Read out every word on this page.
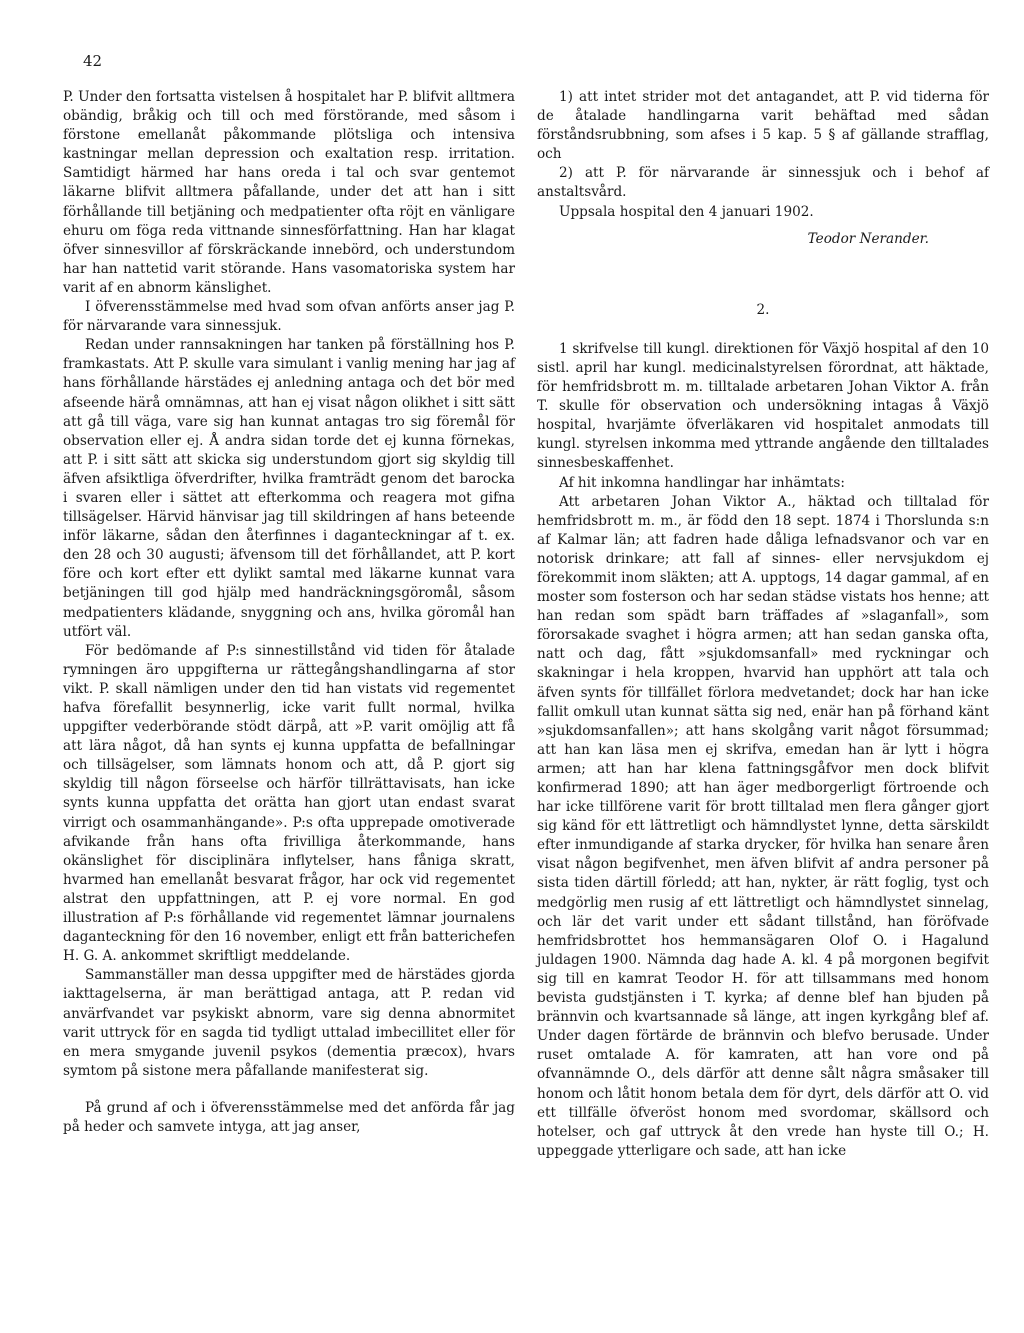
42

P. Under den fortsatta vistelsen å hospitalet har P. blifvit alltmera obändig, bråkig och till och med förstörande, med såsom i förstone emellanåt påkommande plötsliga och intensiva kastningar mellan depression och exaltation resp. irritation. Samtidigt härmed har hans oreda i tal och svar gentemot läkarne blifvit alltmera påfallande, under det att han i sitt förhållande till betjäning och medpatienter ofta röjt en vänligare ehuru om föga reda vittnande sinnesförfattning. Han har klagat öfver sinnesvillor af förskräckande innebörd, och understundom har han nattetid varit störande. Hans vasomatoriska system har varit af en abnorm känslighet.

I öfverensstämmelse med hvad som ofvan anförts anser jag P. för närvarande vara sinnessjuk.

Redan under rannsakningen har tanken på förställning hos P. framkastats. Att P. skulle vara simulant i vanlig mening har jag af hans förhållande härstädes ej anledning antaga och det bör med afseende härå omnämnas, att han ej visat någon olikhet i sitt sätt att gå till väga, vare sig han kunnat antagas tro sig föremål för observation eller ej. Å andra sidan torde det ej kunna förnekas, att P. i sitt sätt att skicka sig understundom gjort sig skyldig till äfven afsiktliga öfverdrifter, hvilka framträdt genom det barocka i svaren eller i sättet att efterkomma och reagera mot gifna tillsägelser. Härvid hänvisar jag till skildringen af hans beteende inför läkarne, sådan den återfinnes i daganteckningar af t. ex. den 28 och 30 augusti; äfvensom till det förhållandet, att P. kort före och kort efter ett dylikt samtal med läkarne kunnat vara betjäningen till god hjälp med handräckningsgöromål, såsom medpatienters klädande, snyggning och ans, hvilka göromål han utfört väl.

För bedömande af P:s sinnestillstånd vid tiden för åtalade rymningen äro uppgifterna ur rättegångshandlingarna af stor vikt. P. skall nämligen under den tid han vistats vid regementet hafva förefallit besynnerlig, icke varit fullt normal, hvilka uppgifter vederbörande stödt därpå, att »P. varit omöjlig att få att lära något, då han synts ej kunna uppfatta de befallningar och tillsägelser, som lämnats honom och att, då P. gjort sig skyldig till någon förseelse och härför tillrättavisats, han icke synts kunna uppfatta det orätta han gjort utan endast svarat virrigt och osammanhängande». P:s ofta upprepade omotiverade afvikande från hans ofta frivilliga återkommande, hans okänslighet för disciplinära inflytelser, hans fåniga skratt, hvarmed han emellanåt besvarat frågor, har ock vid regementet alstrat den uppfattningen, att P. ej vore normal. En god illustration af P:s förhållande vid regementet lämnar journalens daganteckning för den 16 november, enligt ett från batterichefen H. G. A. ankommet skriftligt meddelande.

Sammanställer man dessa uppgifter med de härstädes gjorda iakttagelserna, är man berättigad antaga, att P. redan vid anvärfvandet var psykiskt abnorm, vare sig denna abnormitet varit uttryck för en sagda tid tydligt uttalad imbecillitet eller för en mera smygande juvenil psykos (dementia præcox), hvars symtom på sistone mera påfallande manifesterat sig.

På grund af och i öfverensstämmelse med det anförda får jag på heder och samvete intyga, att jag anser,

1) att intet strider mot det antagandet, att P. vid tiderna för de åtalade handlingarna varit behäftad med sådan förståndsrubbning, som afses i 5 kap. 5 § af gällande strafflag, och

2) att P. för närvarande är sinnessjuk och i behof af anstaltsvård.

Uppsala hospital den 4 januari 1902.

Teodor Nerander.

2.

1 skrifvelse till kungl. direktionen för Växjö hospital af den 10 sistl. april har kungl. medicinalstyrelsen förordnat, att häktade, för hemfridsbrott m. m. tilltalade arbetaren Johan Viktor A. från T. skulle för observation och undersökning intagas å Växjö hospital, hvarjämte öfverläkaren vid hospitalet anmodats till kungl. styrelsen inkomma med yttrande angående den tilltalades sinnesbeskaffenhet.

Af hit inkomna handlingar har inhämtats:

Att arbetaren Johan Viktor A., häktad och tilltalad för hemfridsbrott m. m., är född den 18 sept. 1874 i Thorslunda s:n af Kalmar län; att fadren hade dåliga lefnadsvanor och var en notorisk drinkare; att fall af sinnes- eller nervsjukdom ej förekommit inom släkten; att A. upptogs, 14 dagar gammal, af en moster som fosterson och har sedan städse vistats hos henne; att han redan som spädt barn träffades af »slaganfall», som förorsakade svaghet i högra armen; att han sedan ganska ofta, natt och dag, fått »sjukdomsanfall» med ryckningar och skakningar i hela kroppen, hvarvid han upphört att tala och äfven synts för tillfället förlora medvetandet; dock har han icke fallit omkull utan kunnat sätta sig ned, enär han på förhand känt »sjukdomsanfallen»; att hans skolgång varit något försummad; att han kan läsa men ej skrifva, emedan han är lytt i högra armen; att han har klena fattningsgåfvor men dock blifvit konfirmerad 1890; att han äger medborgerligt förtroende och har icke tillförene varit för brott tilltalad men flera gånger gjort sig känd för ett lättretligt och hämndlystet lynne, detta särskildt efter inmundigande af starka drycker, för hvilka han senare åren visat någon begifvenhet, men äfven blifvit af andra personer på sista tiden därtill förledd; att han, nykter, är rätt foglig, tyst och medgörlig men rusig af ett lättretligt och hämndlystet sinnelag, och lär det varit under ett sådant tillstånd, han föröfvade hemfridsbrottet hos hemmansägaren Olof O. i Hagalund juldagen 1900. Nämnda dag hade A. kl. 4 på morgonen begifvit sig till en kamrat Teodor H. för att tillsammans med honom bevista gudstjänsten i T. kyrka; af denne blef han bjuden på brännvin och kvartsannade så länge, att ingen kyrkgång blef af. Under dagen förtärde de brännvin och blefvo berusade. Under ruset omtalade A. för kamraten, att han vore ond på ofvannämnde O., dels därför att denne sålt några småsaker till honom och låtit honom betala dem för dyrt, dels därför att O. vid ett tillfälle öfveröst honom med svordomar, skällsord och hotelser, och gaf uttryck åt den vrede han hyste till O.; H. uppeggade ytterligare och sade, att han icke
